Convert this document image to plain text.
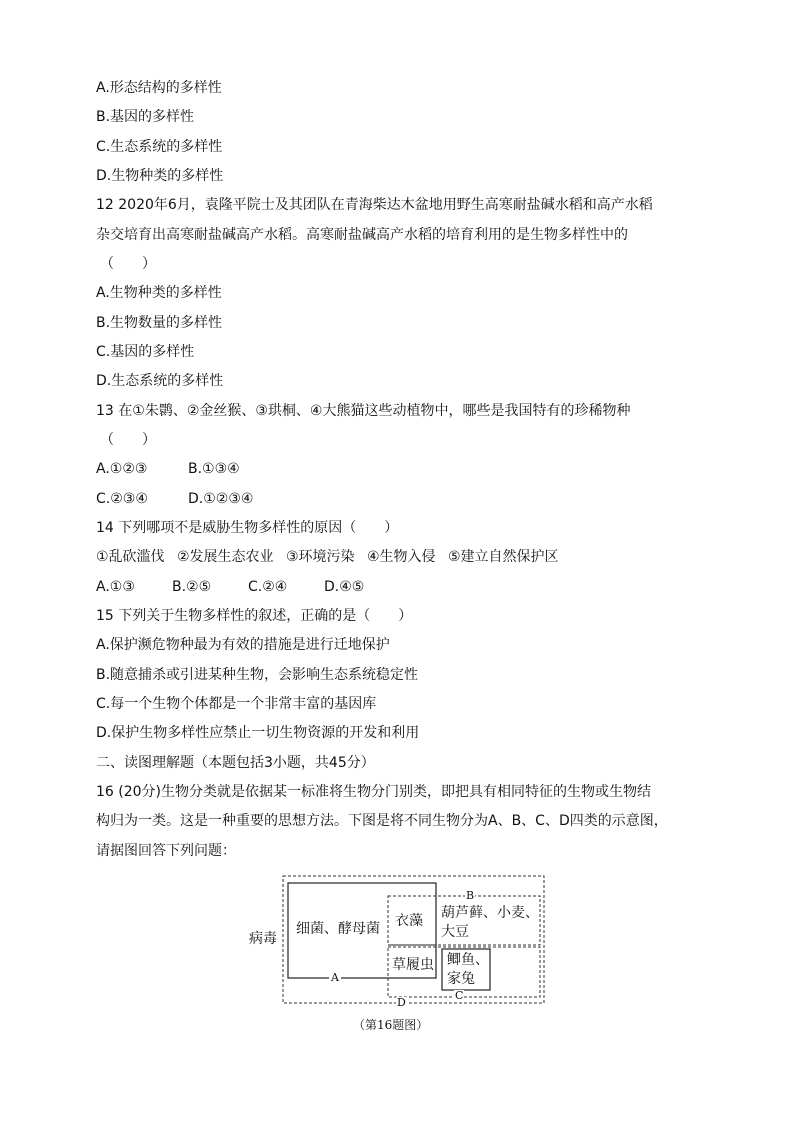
A.形态结构的多样性
B.基因的多样性
C.生态系统的多样性
D.生物种类的多样性
12 2020年6月，袁隆平院士及其团队在青海柴达木盆地用野生高寒耐盐碱水稻和高产水稻
杂交培育出高寒耐盐碱高产水稻。高寒耐盐碱高产水稻的培育利用的是生物多样性中的
（　　）
A.生物种类的多样性
B.生物数量的多样性
C.基因的多样性
D.生态系统的多样性
13 在①朱鹮、②金丝猴、③珙桐、④大熊猫这些动植物中，哪些是我国特有的珍稀物种
（　　）
A.①②③	B.①③④
C.②③④	D.①②③④
14 下列哪项不是威胁生物多样性的原因（　　）
①乱砍滥伐 ②发展生态农业 ③环境污染 ④生物入侵 ⑤建立自然保护区
A.①③	B.②⑤	C.②④	D.④⑤
15 下列关于生物多样性的叙述，正确的是（　　）
A.保护濒危物种最为有效的措施是进行迁地保护
B.随意捕杀或引进某种生物，会影响生态系统稳定性
C.每一个生物个体都是一个非常丰富的基因库
D.保护生物多样性应禁止一切生物资源的开发和利用
二、读图理解题（本题包括3小题，共45分）
16 (20分)生物分类就是依据某一标准将生物分门别类，即把具有相同特征的生物或生物结
构归为一类。这是一种重要的思想方法。下图是将不同生物分为A、B、C、D四类的示意图，
请据图回答下列问题：
病毒
细菌、酵母菌 衣藻 葫芦藓、小麦、
大豆
草履虫 鲫鱼、
家兔
A
B
C
D
（第16题图）
